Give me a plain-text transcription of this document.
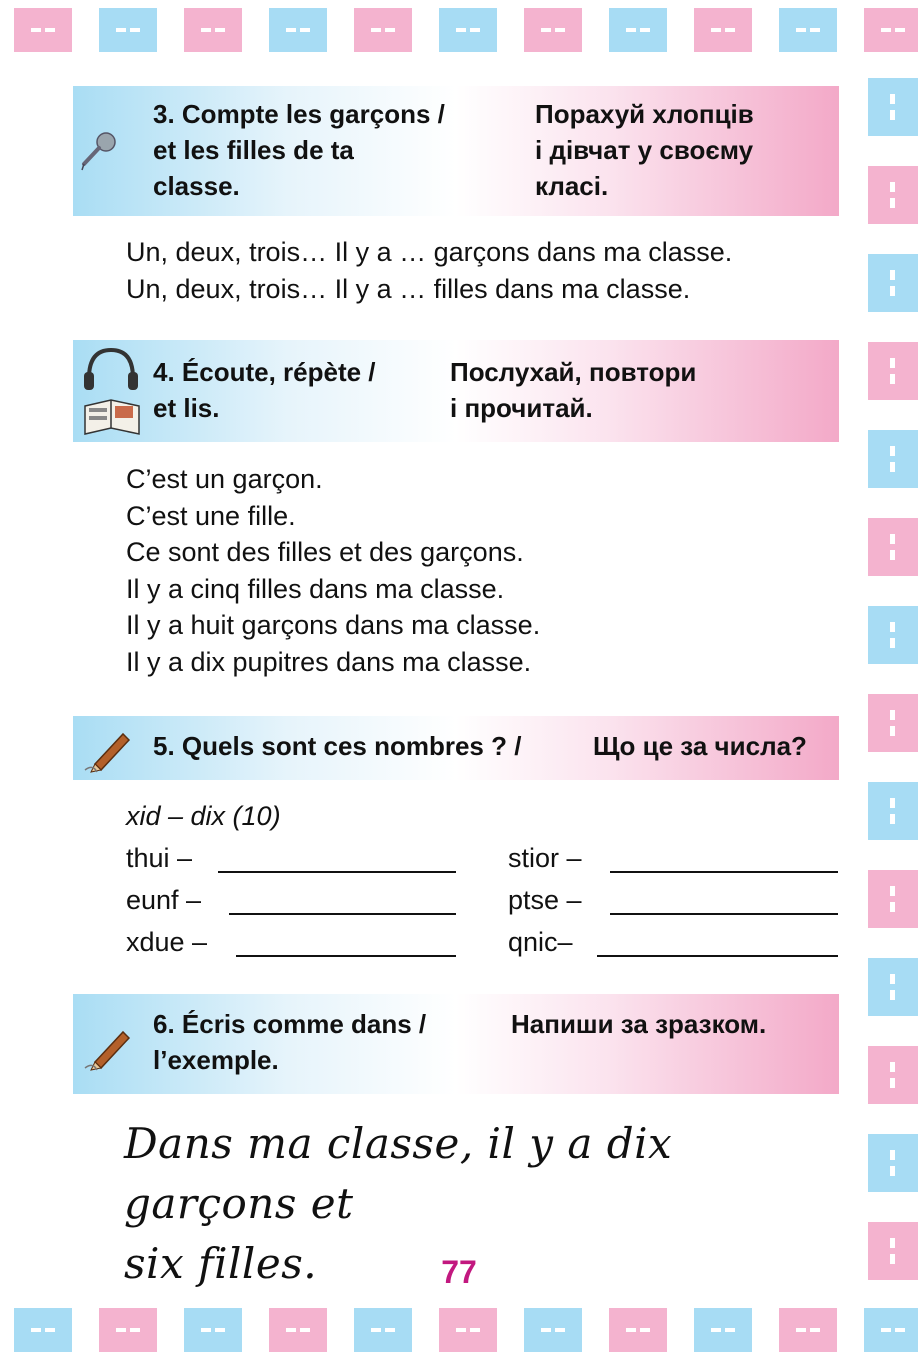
3. Compte les garçons /
et les filles de ta
classe.
Порахуй хлопців
і дівчат у своєму
класі.
Un, deux, trois… Il y a … garçons dans ma classe.
Un, deux, trois… Il y a … filles dans ma classe.
4. Écoute, répète /
et lis.
Послухай, повтори
і прочитай.
C’est un garçon.
C’est une fille.
Ce sont des filles et des garçons.
Il y a cinq filles dans ma classe.
Il y a huit garçons dans ma classe.
Il y a dix pupitres dans ma classe.
5. Quels sont ces nombres ? /	Що це за числа?
xid – dix (10)
thui –	stior –
eunf –	ptse –
xdue –	qnic–
6. Écris comme dans /
l’exemple.
Напиши за зразком.
Dans ma classe, il y a dix garçons et
six filles.	77
